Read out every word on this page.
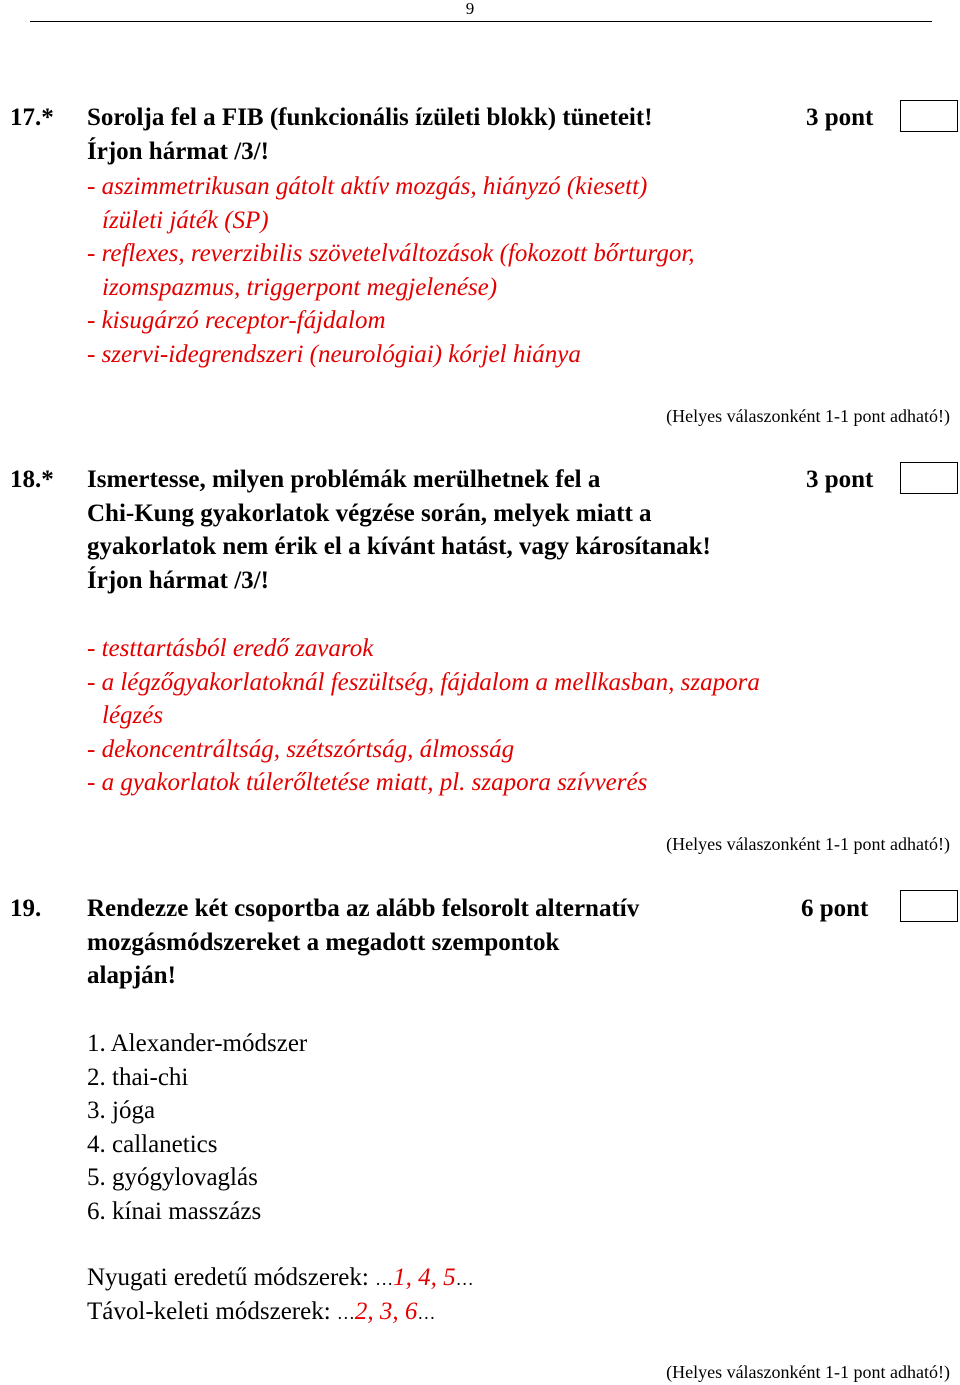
9
17.* Sorolja fel a FIB (funkcionális ízületi blokk) tüneteit!
Írjon hármat /3/!
3 pont
- aszimmetrikusan gátolt aktív mozgás, hiányzó (kiesett)
ízületi játék (SP)
- reflexes, reverzibilis szövetelváltozások (fokozott bőrturgor,
izomspazmus, triggerpont megjelenése)
- kisugárzó receptor-fájdalom
- szervi-idegrendszeri (neurológiai) kórjel hiánya
(Helyes válaszonként 1-1 pont adható!)
18.* Ismertesse, milyen problémák merülhetnek fel a
Chi-Kung gyakorlatok végzése során, melyek miatt a
gyakorlatok nem érik el a kívánt hatást, vagy károsítanak!
Írjon hármat /3/!
3 pont
- testtartásból eredő zavarok
- a légzőgyakorlatoknál feszültség, fájdalom a mellkasban, szapora
légzés
- dekoncentráltság, szétszórtság, álmosság
- a gyakorlatok túlerőltetése miatt, pl. szapora szívverés
(Helyes válaszonként 1-1 pont adható!)
19. Rendezze két csoportba az alább felsorolt alternatív
mozgásmódszereket a megadott szempontok
alapján!
6 pont
1. Alexander-módszer
2. thai-chi
3. jóga
4. callanetics
5. gyógylovaglás
6. kínai masszázs
Nyugati eredetű módszerek: …1, 4, 5…
Távol-keleti módszerek: …2, 3, 6…
(Helyes válaszonként 1-1 pont adható!)
